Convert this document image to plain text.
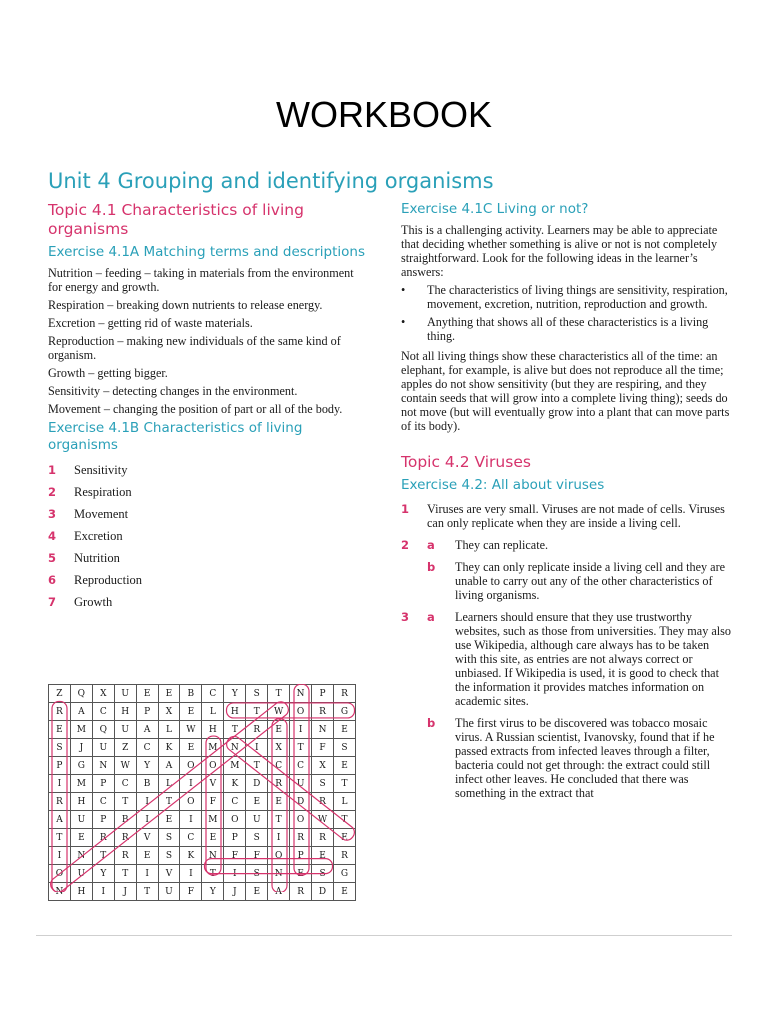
WORKBOOK
Unit 4 Grouping and identifying organisms
Topic 4.1 Characteristics of living organisms
Exercise 4.1A Matching terms and descriptions

Nutrition – feeding – taking in materials from the environment for energy and growth.

Respiration – breaking down nutrients to release energy.

Excretion – getting rid of waste materials.

Reproduction – making new individuals of the same kind of organism.

Growth – getting bigger.

Sensitivity – detecting changes in the environment.

Movement – changing the position of part or all of the body.

Exercise 4.1B Characteristics of living organisms
1	Sensitivity
2	Respiration
3	Movement
4	Excretion
5	Nutrition
6	Reproduction
7	Growth
Z	Q	X	U	E	E	B	C	Y	S	T	N	P	R
R	A	C	H	P	X	E	L	H	T	W	O	R	G
E	M	Q	U	A	L	W	H	T	R	E	I	N	E
S	J	U	Z	C	K	E	M	N	I	X	T	F	S
P	G	N	W	Y	A	O	O	M	T	C	C	X	E
I	M	P	C	B	L	I	V	K	D	R	U	S	T
R	H	C	T	I	T	O	F	C	E	E	D	R	L
A	U	P	B	I	E	I	M	O	U	T	O	W	T
T	E	R	R	V	S	C	E	P	S	I	R	R	E
I	N	T	R	E	S	K	N	F	F	O	P	E	R
O	U	Y	T	I	V	I	T	I	S	N	E	S	G
N	H	I	J	T	U	F	Y	J	E	A	R	D	E
Exercise 4.1C Living or not?

This is a challenging activity. Learners may be able to appreciate that deciding whether something is alive or not is not completely straightforward. Look for the following ideas in the learner’s answers:

•	The characteristics of living things are sensitivity, respiration, movement, excretion, nutrition, reproduction and growth.
•	Anything that shows all of these characteristics is a living thing.

Not all living things show these characteristics all of the time: an elephant, for example, is alive but does not reproduce all the time; apples do not show sensitivity (but they are respiring, and they contain seeds that will grow into a complete living thing); seeds do not move (but will eventually grow into a plant that can move parts of its body).

Topic 4.2 Viruses
Exercise 4.2: All about viruses
1	Viruses are very small. Viruses are not made of cells. Viruses can only replicate when they are inside a living cell.
2	a	They can replicate.
b	They can only replicate inside a living cell and they are unable to carry out any of the other characteristics of living organisms.
3	a	Learners should ensure that they use trustworthy websites, such as those from universities. They may also use Wikipedia, although care always has to be taken with this site, as entries are not always correct or unbiased. If Wikipedia is used, it is good to check that the information it provides matches information on academic sites.
b	The first virus to be discovered was tobacco mosaic virus. A Russian scientist, Ivanovsky, found that if he passed extracts from infected leaves through a filter, bacteria could not get through: the extract could still infect other leaves. He concluded that there was something in the extract that
